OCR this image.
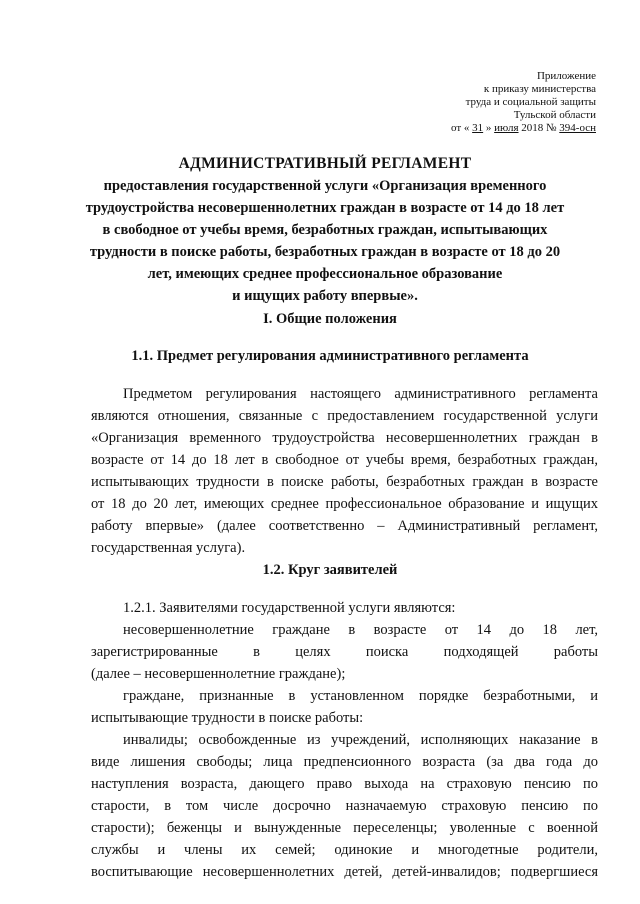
Приложение
к приказу министерства
труда и социальной защиты
Тульской области
от « 31 » июля 2018 № 394-осн
АДМИНИСТРАТИВНЫЙ РЕГЛАМЕНТ
предоставления государственной услуги «Организация временного
трудоустройства несовершеннолетних граждан в возрасте от 14 до 18 лет
в свободное от учебы время, безработных граждан, испытывающих
трудности в поиске работы, безработных граждан в возрасте от 18 до 20
лет, имеющих среднее профессиональное образование
и ищущих работу впервые».
I. Общие положения
1.1. Предмет регулирования административного регламента
Предметом регулирования настоящего административного регламента
являются отношения, связанные с предоставлением государственной услуги
«Организация временного трудоустройства несовершеннолетних граждан в
возрасте от 14 до 18 лет в свободное от учебы время, безработных граждан,
испытывающих трудности в поиске работы, безработных граждан в возрасте
от 18 до 20 лет, имеющих среднее профессиональное образование и ищущих
работу впервые» (далее соответственно – Административный регламент,
государственная услуга).
1.2. Круг заявителей
1.2.1. Заявителями государственной услуги являются:
несовершеннолетние граждане в возрасте от 14 до 18 лет,
зарегистрированные в целях поиска подходящей работы
(далее – несовершеннолетние граждане);
граждане, признанные в установленном порядке безработными, и
испытывающие трудности в поиске работы:
инвалиды; освобожденные из учреждений, исполняющих наказание в
виде лишения свободы; лица предпенсионного возраста (за два года до
наступления возраста, дающего право выхода на страховую пенсию по
старости, в том числе досрочно назначаемую страховую пенсию по
старости); беженцы и вынужденные переселенцы; уволенные с военной
службы и члены их семей; одинокие и многодетные родители,
воспитывающие несовершеннолетних детей, детей-инвалидов; подвергшиеся
